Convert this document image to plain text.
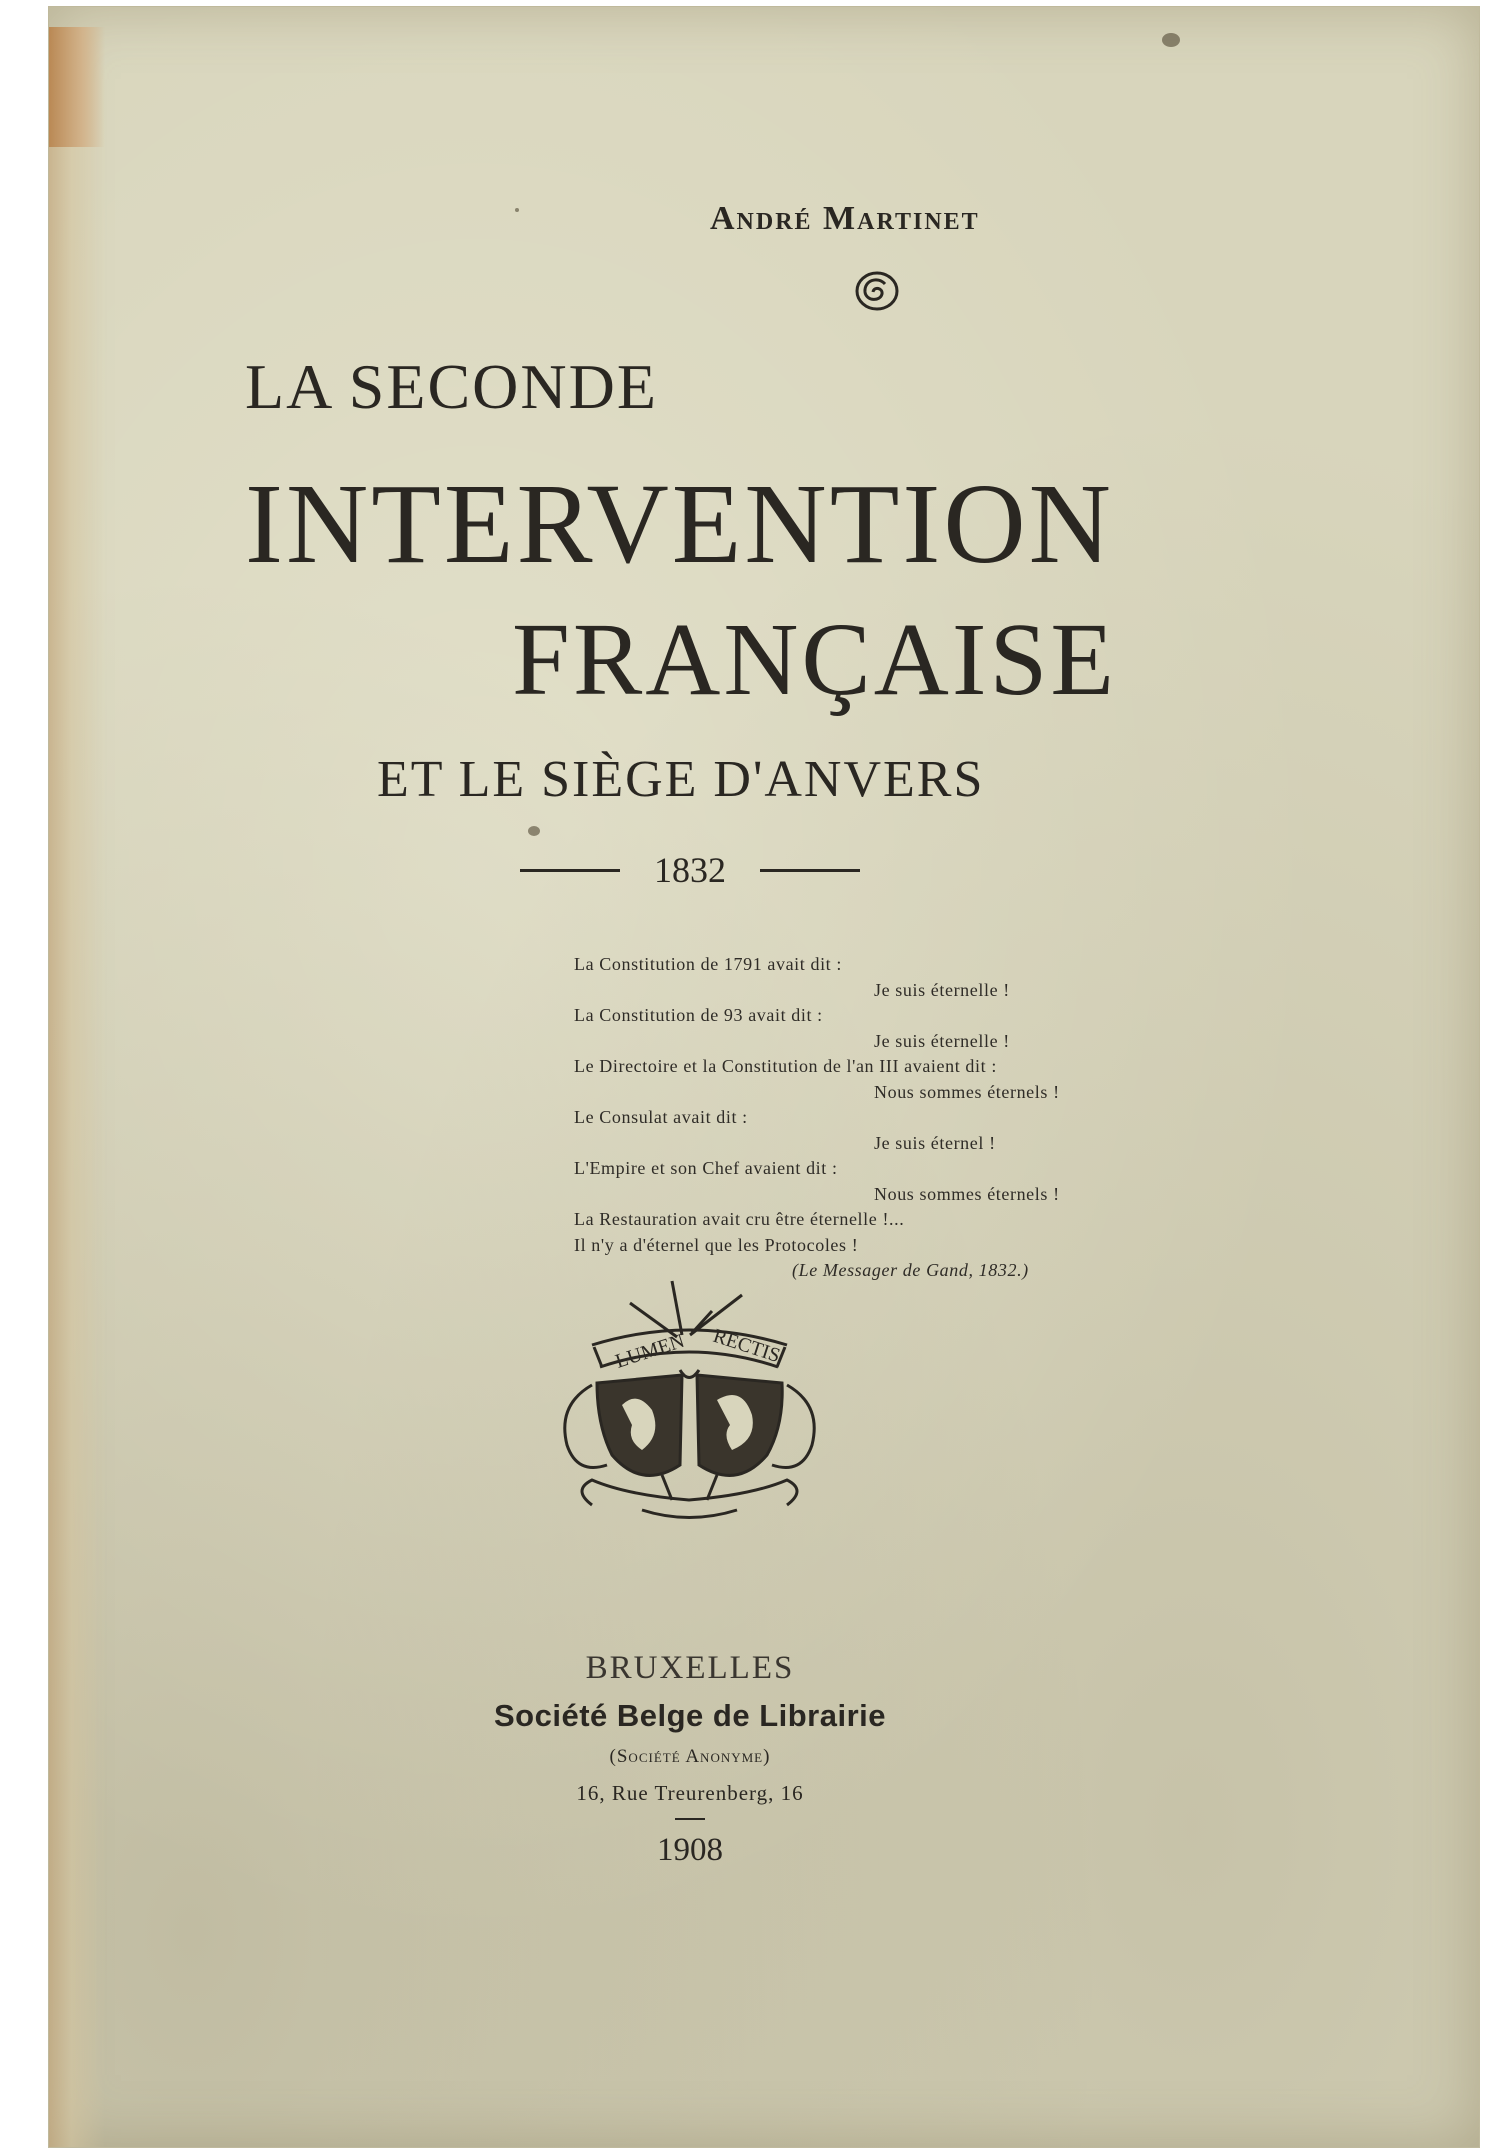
André Martinet
LA SECONDE
INTERVENTION
FRANÇAISE
ET LE SIÈGE D'ANVERS
1832
La Constitution de 1791 avait dit :
Je suis éternelle !
La Constitution de 93 avait dit :
Je suis éternelle !
Le Directoire et la Constitution de l'an III avaient dit :
Nous sommes éternels !
Le Consulat avait dit :
Je suis éternel !
L'Empire et son Chef avaient dit :
Nous sommes éternels !
La Restauration avait cru être éternelle !...
Il n'y a d'éternel que les Protocoles !
(Le Messager de Gand, 1832.)
LUMEN RECTIS
BRUXELLES
Société Belge de Librairie
(Société Anonyme)
16, Rue Treurenberg, 16
1908
